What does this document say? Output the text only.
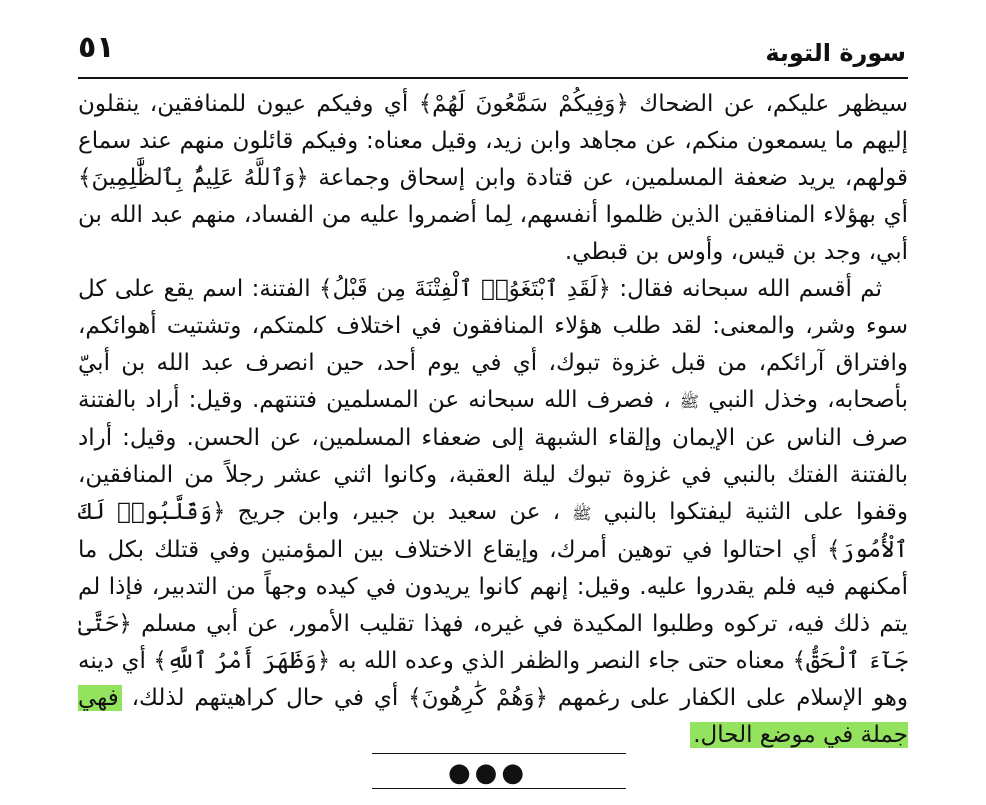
٥١	سورة التوبة

سيظهر عليكم، عن الضحاك ﴿وَفِيكُمْ سَمَّٰعُونَ لَهُمْ﴾ أي وفيكم عيون للمنافقين، ينقلون إليهم ما يسمعون منكم، عن مجاهد وابن زيد، وقيل معناه: وفيكم قائلون منهم عند سماع قولهم، يريد ضعفة المسلمين، عن قتادة وابن إسحاق وجماعة ﴿وَٱللَّهُ عَلِيمٌۢ بِٱلظَّٰلِمِينَ﴾ أي بهؤلاء المنافقين الذين ظلموا أنفسهم، لِما أضمروا عليه من الفساد، منهم عبد الله بن أبي، وجد بن قيس، وأوس بن قبطي.

ثم أقسم الله سبحانه فقال: ﴿لَقَدِ ٱبْتَغَوُا۟ ٱلْفِتْنَةَ مِن قَبْلُ﴾ الفتنة: اسم يقع على كل سوء وشر، والمعنى: لقد طلب هؤلاء المنافقون في اختلاف كلمتكم، وتشتيت أهوائكم، وافتراق آرائكم، من قبل غزوة تبوك، أي في يوم أحد، حين انصرف عبد الله بن أبيّ بأصحابه، وخذل النبي ﷺ ، فصرف الله سبحانه عن المسلمين فتنتهم. وقيل: أراد بالفتنة صرف الناس عن الإيمان وإلقاء الشبهة إلى ضعفاء المسلمين، عن الحسن. وقيل: أراد بالفتنة الفتك بالنبي في غزوة تبوك ليلة العقبة، وكانوا اثني عشر رجلاً من المنافقين، وقفوا على الثنية ليفتكوا بالنبي ﷺ ، عن سعيد بن جبير، وابن جريج ﴿وَقَلَّبُوا۟ لَكَ ٱلْأُمُورَ﴾ أي احتالوا في توهين أمرك، وإيقاع الاختلاف بين المؤمنين وفي قتلك بكل ما أمكنهم فيه فلم يقدروا عليه. وقيل: إنهم كانوا يريدون في كيده وجهاً من التدبير، فإذا لم يتم ذلك فيه، تركوه وطلبوا المكيدة في غيره، فهذا تقليب الأمور، عن أبي مسلم ﴿حَتَّىٰ جَآءَ ٱلْحَقُّ﴾ معناه حتى جاء النصر والظفر الذي وعده الله به ﴿وَظَهَرَ أَمْرُ ٱللَّهِ﴾ أي دينه وهو الإسلام على الكفار على رغمهم ﴿وَهُمْ كَٰرِهُونَ﴾ أي في حال كراهيتهم لذلك، فهي جملة في موضع الحال.

●●●
